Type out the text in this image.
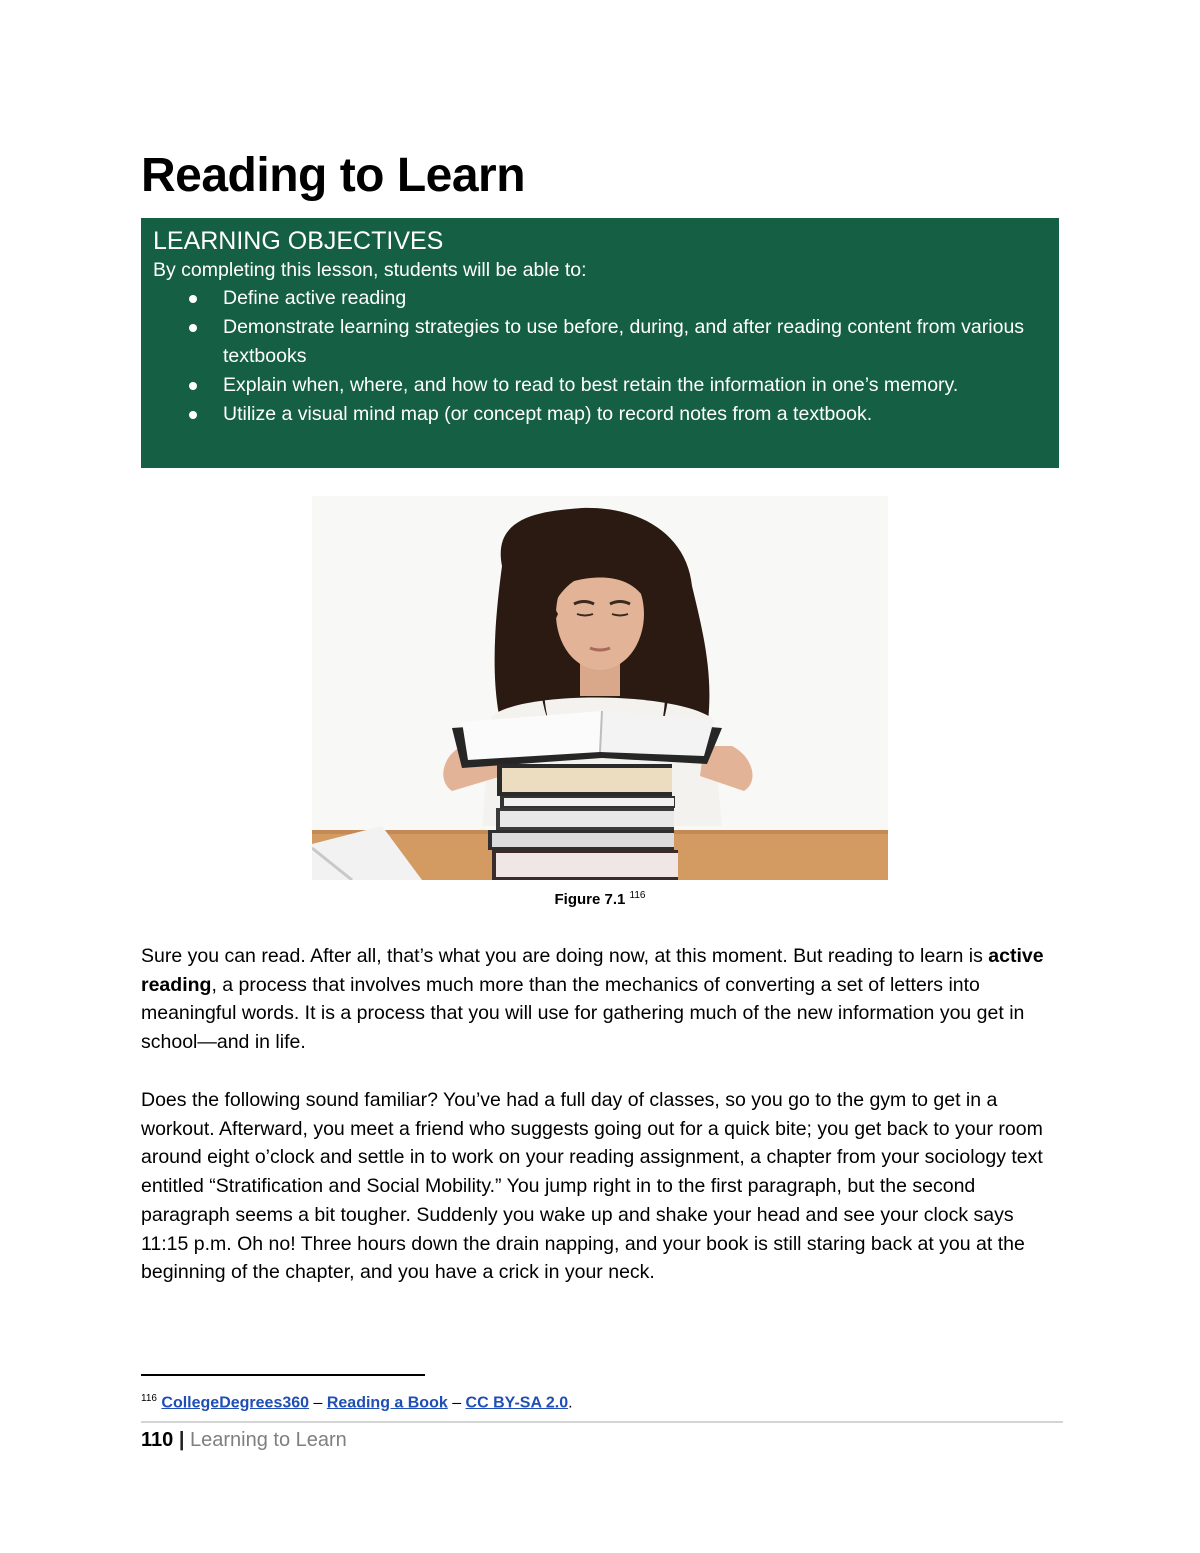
Reading to Learn
LEARNING OBJECTIVES
By completing this lesson, students will be able to:
Define active reading
Demonstrate learning strategies to use before, during, and after reading content from various textbooks
Explain when, where, and how to read to best retain the information in one’s memory.
Utilize a visual mind map (or concept map) to record notes from a textbook.
Figure 7.1 $^{116}$

Sure you can read. After all, that’s what you are doing now, at this moment. But reading to learn is active reading, a process that involves much more than the mechanics of converting a set of letters into meaningful words. It is a process that you will use for gathering much of the new information you get in school—and in life.

Does the following sound familiar? You’ve had a full day of classes, so you go to the gym to get in a workout. Afterward, you meet a friend who suggests going out for a quick bite; you get back to your room around eight o’clock and settle in to work on your reading assignment, a chapter from your sociology text entitled “Stratification and Social Mobility.” You jump right in to the first paragraph, but the second paragraph seems a bit tougher. Suddenly you wake up and shake your head and see your clock says 11:15 p.m. Oh no! Three hours down the drain napping, and your book is still staring back at you at the beginning of the chapter, and you have a crick in your neck.

$^{116}$ CollegeDegrees360 – Reading a Book – CC BY-SA 2.0.
110 | Learning to Learn
